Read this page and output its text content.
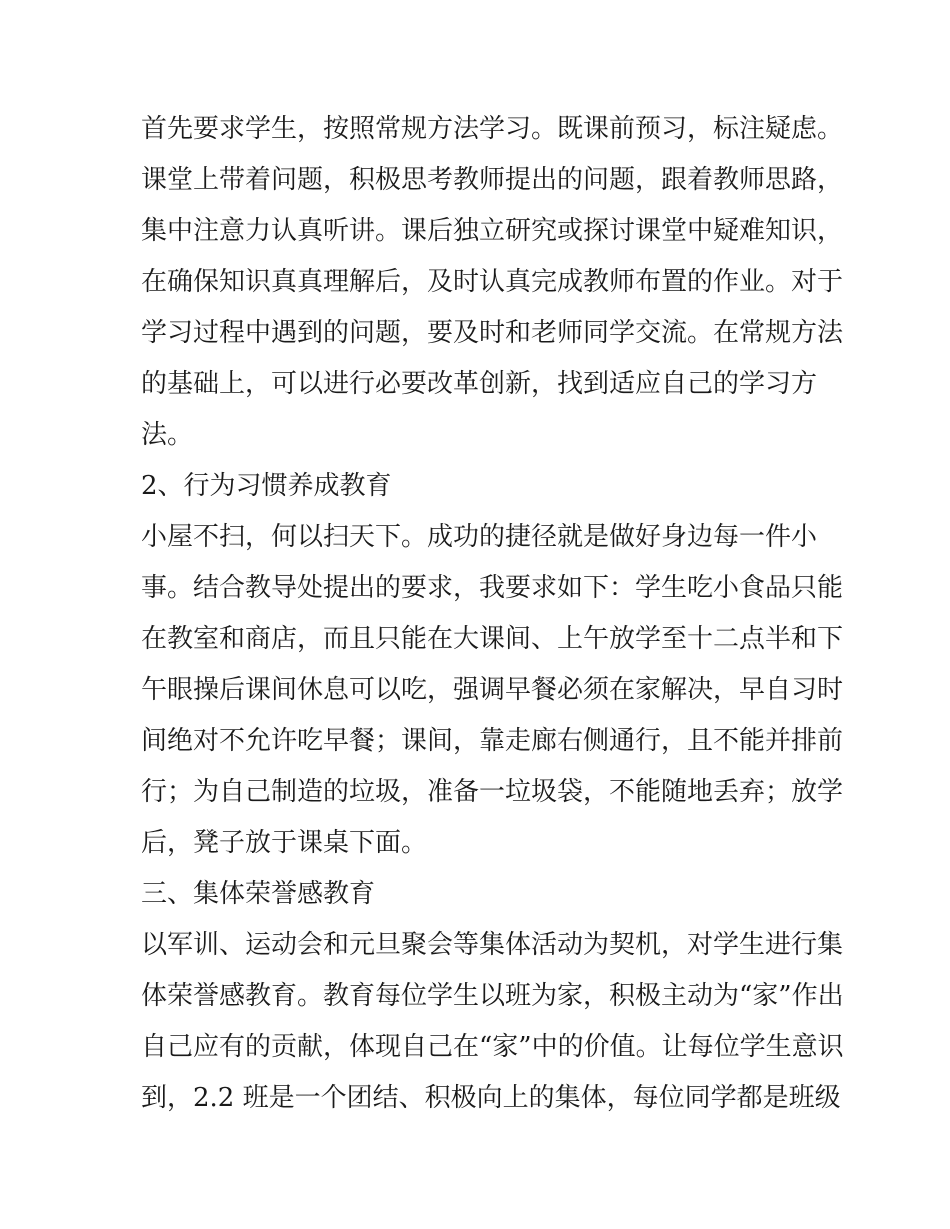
首先要求学生，按照常规方法学习。既课前预习，标注疑虑。
课堂上带着问题，积极思考教师提出的问题，跟着教师思路，
集中注意力认真听讲。课后独立研究或探讨课堂中疑难知识，
在确保知识真真理解后，及时认真完成教师布置的作业。对于
学习过程中遇到的问题，要及时和老师同学交流。在常规方法
的基础上，可以进行必要改革创新，找到适应自己的学习方
法。
2、行为习惯养成教育
小屋不扫，何以扫天下。成功的捷径就是做好身边每一件小
事。结合教导处提出的要求，我要求如下：学生吃小食品只能
在教室和商店，而且只能在大课间、上午放学至十二点半和下
午眼操后课间休息可以吃，强调早餐必须在家解决，早自习时
间绝对不允许吃早餐；课间，靠走廊右侧通行，且不能并排前
行；为自己制造的垃圾，准备一垃圾袋，不能随地丢弃；放学
后，凳子放于课桌下面。
三、集体荣誉感教育
以军训、运动会和元旦聚会等集体活动为契机，对学生进行集
体荣誉感教育。教育每位学生以班为家，积极主动为“家”作出
自己应有的贡献，体现自己在“家”中的价值。让每位学生意识
到，2.2 班是一个团结、积极向上的集体，每位同学都是班级
